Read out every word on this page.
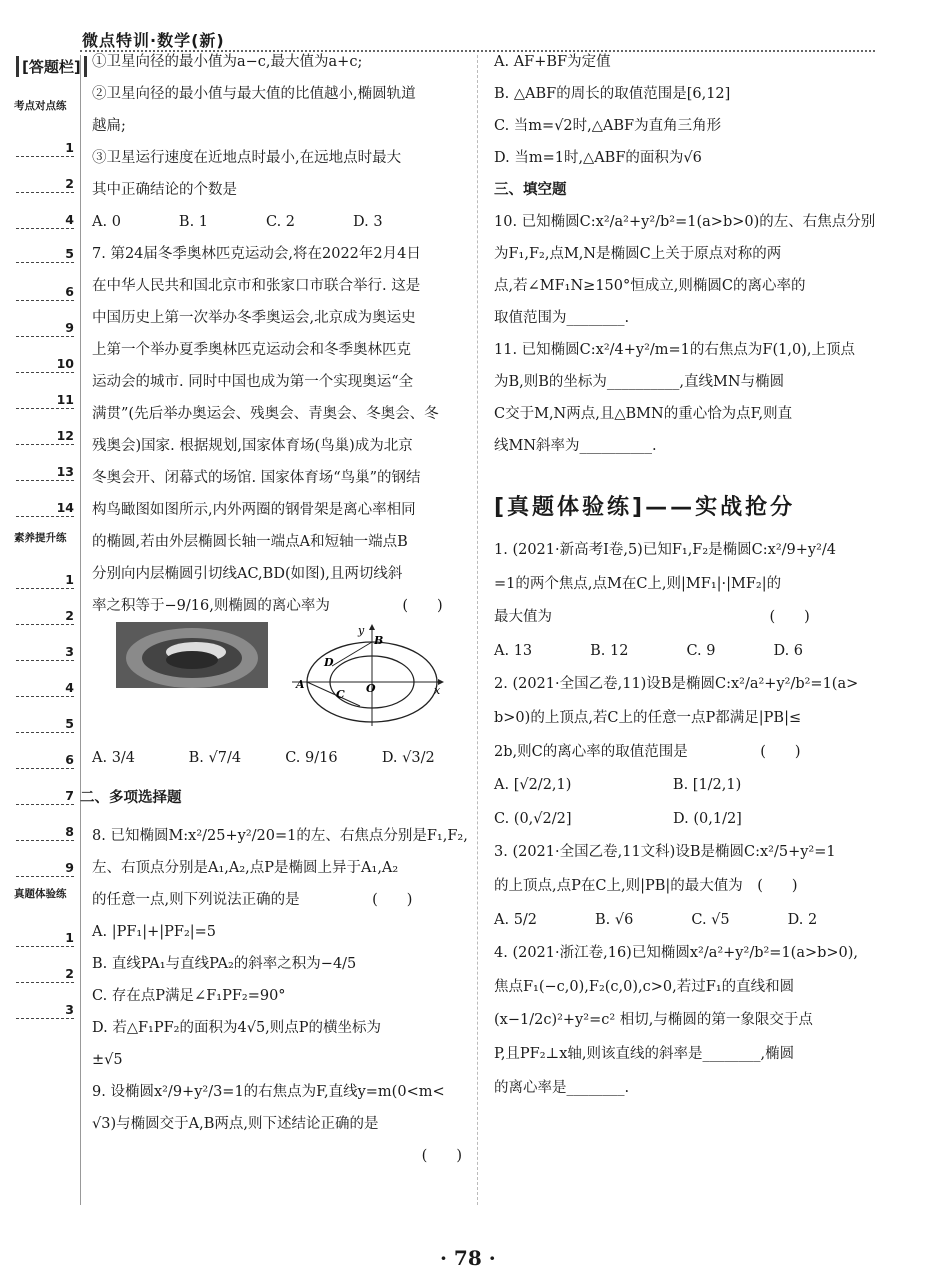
微点特训·数学(新)
[答题栏]
考点对点练
1
2
4
5
6
9
10
11
12
13
14
素养提升练
1
2
3
4
5
6
7
8
9
真题体验练
1
2
3
①卫星向径的最小值为a−c,最大值为a+c;
②卫星向径的最小值与最大值的比值越小,椭圆轨道
越扁;
③卫星运行速度在近地点时最小,在远地点时最大
其中正确结论的个数是
A. 0　　　　B. 1　　　　C. 2　　　　D. 3
7. 第24届冬季奥林匹克运动会,将在2022年2月4日
在中华人民共和国北京市和张家口市联合举行. 这是
中国历史上第一次举办冬季奥运会,北京成为奥运史
上第一个举办夏季奥林匹克运动会和冬季奥林匹克
运动会的城市. 同时中国也成为第一个实现奥运“全
满贯”(先后举办奥运会、残奥会、青奥会、冬奥会、冬
残奥会)国家. 根据规划,国家体育场(鸟巢)成为北京
冬奥会开、闭幕式的场馆. 国家体育场“鸟巢”的钢结
构鸟瞰图如图所示,内外两圈的钢骨架是离心率相同
的椭圆,若由外层椭圆长轴一端点A和短轴一端点B
分别向内层椭圆引切线AC,BD(如图),且两切线斜
率之积等于−9/16,则椭圆的离心率为　　　　　(　　)
y
B
D
A
C O	x
A. 3/4	B. √7/4	C. 9/16	D. √3/2
二、多项选择题
8. 已知椭圆M:x²/25+y²/20=1的左、右焦点分别是F₁,F₂,
左、右顶点分别是A₁,A₂,点P是椭圆上异于A₁,A₂
的任意一点,则下列说法正确的是　　　　　(　　)
A. |PF₁|+|PF₂|=5
B. 直线PA₁与直线PA₂的斜率之积为−4/5
C. 存在点P满足∠F₁PF₂=90°
D. 若△F₁PF₂的面积为4√5,则点P的横坐标为
±√5
9. 设椭圆x²/9+y²/3=1的右焦点为F,直线y=m(0<m<
√3)与椭圆交于A,B两点,则下述结论正确的是
(　　)
A. AF+BF为定值
B. △ABF的周长的取值范围是[6,12]
C. 当m=√2时,△ABF为直角三角形
D. 当m=1时,△ABF的面积为√6
三、填空题
10. 已知椭圆C:x²/a²+y²/b²=1(a>b>0)的左、右焦点分别
为F₁,F₂,点M,N是椭圆C上关于原点对称的两
点,若∠MF₁N≥150°恒成立,则椭圆C的离心率的
取值范围为________.
11. 已知椭圆C:x²/4+y²/m=1的右焦点为F(1,0),上顶点
为B,则B的坐标为__________,直线MN与椭圆
C交于M,N两点,且△BMN的重心恰为点F,则直
线MN斜率为__________.
[真题体验练]——实战抢分
1. (2021·新高考Ⅰ卷,5)已知F₁,F₂是椭圆C:x²/9+y²/4
=1的两个焦点,点M在C上,则|MF₁|·|MF₂|的
最大值为　　　　　　　　　　　　　　　(　　)
A. 13　　　　B. 12　　　　C. 9　　　　D. 6
2. (2021·全国乙卷,11)设B是椭圆C:x²/a²+y²/b²=1(a>
b>0)的上顶点,若C上的任意一点P都满足|PB|≤
2b,则C的离心率的取值范围是　　　　　(　　)
A. [√2/2,1)　　　　　　　B. [1/2,1)
C. (0,√2/2]　　　　　　　D. (0,1/2]
3. (2021·全国乙卷,11文科)设B是椭圆C:x²/5+y²=1
的上顶点,点P在C上,则|PB|的最大值为　(　　)
A. 5/2　　　　B. √6　　　　C. √5　　　　D. 2
4. (2021·浙江卷,16)已知椭圆x²/a²+y²/b²=1(a>b>0),
焦点F₁(−c,0),F₂(c,0),c>0,若过F₁的直线和圆
(x−1/2c)²+y²=c² 相切,与椭圆的第一象限交于点
P,且PF₂⊥x轴,则该直线的斜率是________,椭圆
的离心率是________.
· 78 ·
